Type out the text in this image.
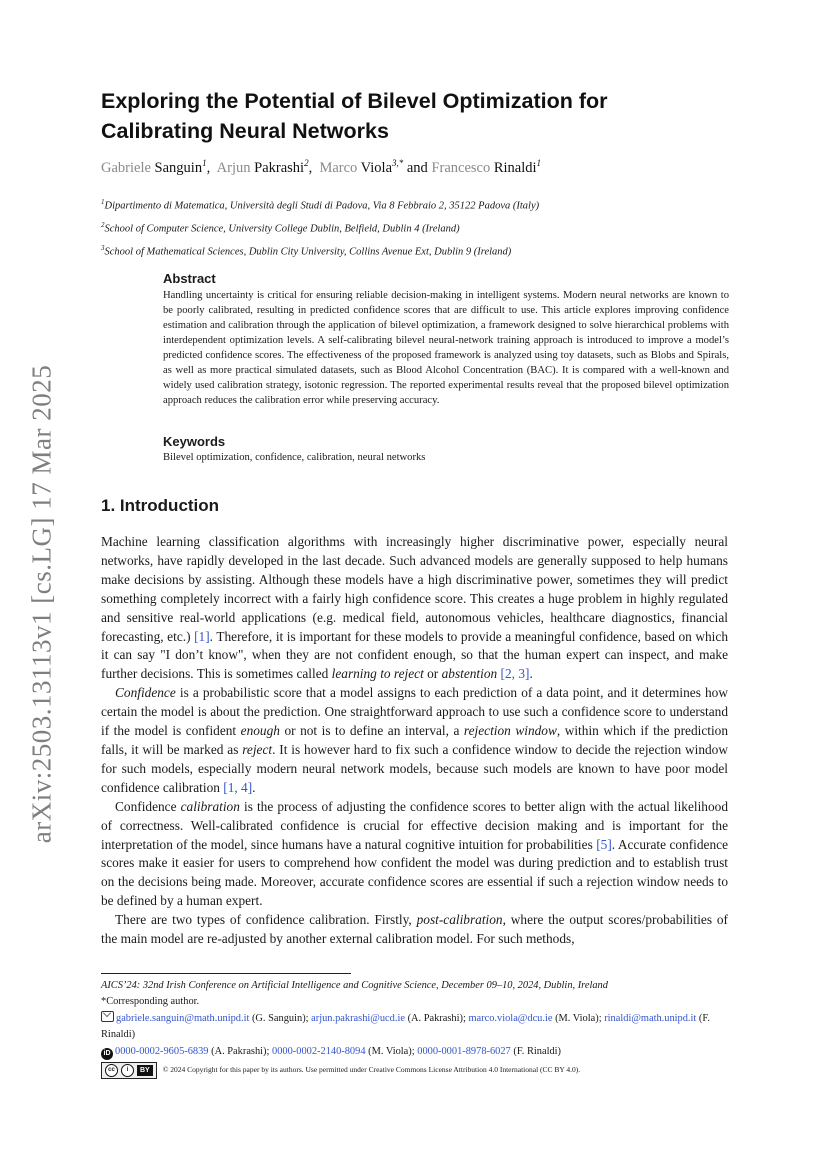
arXiv:2503.13113v1 [cs.LG] 17 Mar 2025
Exploring the Potential of Bilevel Optimization for Calibrating Neural Networks
Gabriele Sanguin$^1$,  Arjun Pakrashi$^2$,  Marco Viola$^{3,*}$ and Francesco Rinaldi$^1$
$^1$Dipartimento di Matematica, Università degli Studi di Padova, Via 8 Febbraio 2, 35122 Padova (Italy)
$^2$School of Computer Science, University College Dublin, Belfield, Dublin 4 (Ireland)
$^3$School of Mathematical Sciences, Dublin City University, Collins Avenue Ext, Dublin 9 (Ireland)
Abstract

Handling uncertainty is critical for ensuring reliable decision-making in intelligent systems. Modern neural networks are known to be poorly calibrated, resulting in predicted confidence scores that are difficult to use. This article explores improving confidence estimation and calibration through the application of bilevel optimization, a framework designed to solve hierarchical problems with interdependent optimization levels. A self-calibrating bilevel neural-network training approach is introduced to improve a model’s predicted confidence scores. The effectiveness of the proposed framework is analyzed using toy datasets, such as Blobs and Spirals, as well as more practical simulated datasets, such as Blood Alcohol Concentration (BAC). It is compared with a well-known and widely used calibration strategy, isotonic regression. The reported experimental results reveal that the proposed bilevel optimization approach reduces the calibration error while preserving accuracy.

Keywords

Bilevel optimization, confidence, calibration, neural networks

1. Introduction

Machine learning classification algorithms with increasingly higher discriminative power, especially neural networks, have rapidly developed in the last decade. Such advanced models are generally supposed to help humans make decisions by assisting. Although these models have a high discriminative power, sometimes they will predict something completely incorrect with a fairly high confidence score. This creates a huge problem in highly regulated and sensitive real-world applications (e.g. medical field, autonomous vehicles, healthcare diagnostics, financial forecasting, etc.) [1]. Therefore, it is important for these models to provide a meaningful confidence, based on which it can say "I don’t know", when they are not confident enough, so that the human expert can inspect, and make further decisions. This is sometimes called learning to reject or abstention [2, 3].

Confidence is a probabilistic score that a model assigns to each prediction of a data point, and it determines how certain the model is about the prediction. One straightforward approach to use such a confidence score to understand if the model is confident enough or not is to define an interval, a rejection window, within which if the prediction falls, it will be marked as reject. It is however hard to fix such a confidence window to decide the rejection window for such models, especially modern neural network models, because such models are known to have poor model confidence calibration [1, 4].

Confidence calibration is the process of adjusting the confidence scores to better align with the actual likelihood of correctness. Well-calibrated confidence is crucial for effective decision making and is important for the interpretation of the model, since humans have a natural cognitive intuition for probabilities [5]. Accurate confidence scores make it easier for users to comprehend how confident the model was during prediction and to establish trust on the decisions being made. Moreover, accurate confidence scores are essential if such a rejection window needs to be defined by a human expert.

There are two types of confidence calibration. Firstly, post-calibration, where the output scores/probabilities of the main model are re-adjusted by another external calibration model. For such methods,

AICS’24: 32nd Irish Conference on Artificial Intelligence and Cognitive Science, December 09–10, 2024, Dublin, Ireland
*Corresponding author.
gabriele.sanguin@math.unipd.it (G. Sanguin); arjun.pakrashi@ucd.ie (A. Pakrashi); marco.viola@dcu.ie (M. Viola); rinaldi@math.unipd.it (F. Rinaldi)
iD 0000-0002-9605-6839 (A. Pakrashi); 0000-0002-2140-8094 (M. Viola); 0000-0001-8978-6027 (F. Rinaldi)
cc	i	BY	© 2024 Copyright for this paper by its authors. Use permitted under Creative Commons License Attribution 4.0 International (CC BY 4.0).
